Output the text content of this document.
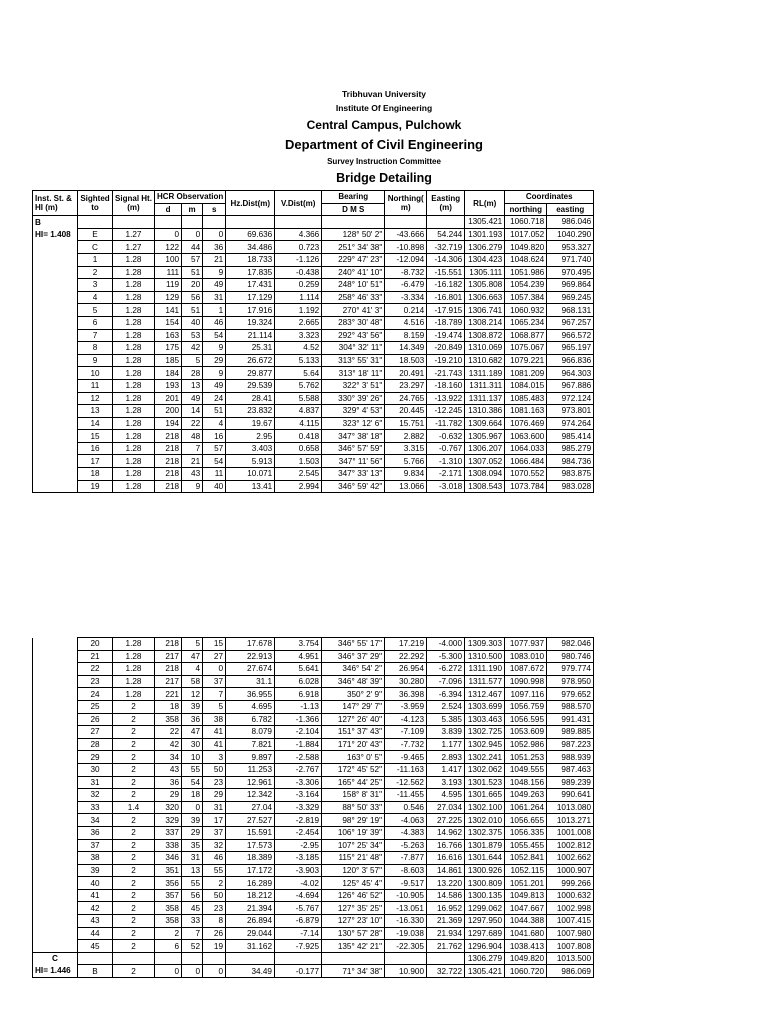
Tribhuvan University
Institute Of Engineering
Central Campus, Pulchowk
Department of Civil Engineering
Survey Instruction Committee
Bridge Detailing
Inst. St. & HI (m)	Sighted to	Signal Ht. (m)	HCR Observation			Hz.Dist(m)	V.Dist(m)	Bearing	Northing( m)	Easting (m)	RL(m)	Coordinates	
			d	m	s			D M S				northing	easting
B											1305.421	1060.718	986.046
HI= 1.408	E	1.27	0	0	0	69.636	4.366	128° 50' 2"	-43.666	54.244	1301.193	1017.052	1040.290
	C	1.27	122	44	36	34.486	0.723	251° 34' 38"	-10.898	-32.719	1306.279	1049.820	953.327
	1	1.28	100	57	21	18.733	-1.126	229° 47' 23"	-12.094	-14.306	1304.423	1048.624	971.740
	2	1.28	111	51	9	17.835	-0.438	240° 41' 10"	-8.732	-15.551	1305.111	1051.986	970.495
	3	1.28	119	20	49	17.431	0.259	248° 10' 51"	-6.479	-16.182	1305.808	1054.239	969.864
	4	1.28	129	56	31	17.129	1.114	258° 46' 33"	-3.334	-16.801	1306.663	1057.384	969.245
	5	1.28	141	51	1	17.916	1.192	270° 41' 3"	0.214	-17.915	1306.741	1060.932	968.131
	6	1.28	154	40	46	19.324	2.665	283° 30' 48"	4.516	-18.789	1308.214	1065.234	967.257
	7	1.28	163	53	54	21.114	3.323	292° 43' 56"	8.159	-19.474	1308.872	1068.877	966.572
	8	1.28	175	42	9	25.31	4.52	304° 32' 11"	14.349	-20.849	1310.069	1075.067	965.197
	9	1.28	185	5	29	26.672	5.133	313° 55' 31"	18.503	-19.210	1310.682	1079.221	966.836
	10	1.28	184	28	9	29.877	5.64	313° 18' 11"	20.491	-21.743	1311.189	1081.209	964.303
	11	1.28	193	13	49	29.539	5.762	322° 3' 51"	23.297	-18.160	1311.311	1084.015	967.886
	12	1.28	201	49	24	28.41	5.588	330° 39' 26"	24.765	-13.922	1311.137	1085.483	972.124
	13	1.28	200	14	51	23.832	4.837	329° 4' 53"	20.445	-12.245	1310.386	1081.163	973.801
	14	1.28	194	22	4	19.67	4.115	323° 12' 6"	15.751	-11.782	1309.664	1076.469	974.264
	15	1.28	218	48	16	2.95	0.418	347° 38' 18"	2.882	-0.632	1305.967	1063.600	985.414
	16	1.28	218	7	57	3.403	0.658	346° 57' 59"	3.315	-0.767	1306.207	1064.033	985.279
	17	1.28	218	21	54	5.913	1.503	347° 11' 56"	5.766	-1.310	1307.052	1066.484	984.736
	18	1.28	218	43	11	10.071	2.545	347° 33' 13"	9.834	-2.171	1308.094	1070.552	983.875
	19	1.28	218	9	40	13.41	2.994	346° 59' 42"	13.066	-3.018	1308.543	1073.784	983.028
	20	1.28	218	5	15	17.678	3.754	346° 55' 17"	17.219	-4.000	1309.303	1077.937	982.046
	21	1.28	217	47	27	22.913	4.951	346° 37' 29"	22.292	-5.300	1310.500	1083.010	980.746
	22	1.28	218	4	0	27.674	5.641	346° 54' 2"	26.954	-6.272	1311.190	1087.672	979.774
	23	1.28	217	58	37	31.1	6.028	346° 48' 39"	30.280	-7.096	1311.577	1090.998	978.950
	24	1.28	221	12	7	36.955	6.918	350° 2' 9"	36.398	-6.394	1312.467	1097.116	979.652
	25	2	18	39	5	4.695	-1.13	147° 29' 7"	-3.959	2.524	1303.699	1056.759	988.570
	26	2	358	36	38	6.782	-1.366	127° 26' 40"	-4.123	5.385	1303.463	1056.595	991.431
	27	2	22	47	41	8.079	-2.104	151° 37' 43"	-7.109	3.839	1302.725	1053.609	989.885
	28	2	42	30	41	7.821	-1.884	171° 20' 43"	-7.732	1.177	1302.945	1052.986	987.223
	29	2	34	10	3	9.897	-2.588	163° 0' 5"	-9.465	2.893	1302.241	1051.253	988.939
	30	2	43	55	50	11.253	-2.767	172° 45' 52"	-11.163	1.417	1302.062	1049.555	987.463
	31	2	36	54	23	12.961	-3.306	165° 44' 25"	-12.562	3.193	1301.523	1048.156	989.239
	32	2	29	18	29	12.342	-3.164	158° 8' 31"	-11.455	4.595	1301.665	1049.263	990.641
	33	1.4	320	0	31	27.04	-3.329	88° 50' 33"	0.546	27.034	1302.100	1061.264	1013.080
	34	2	329	39	17	27.527	-2.819	98° 29' 19"	-4.063	27.225	1302.010	1056.655	1013.271
	36	2	337	29	37	15.591	-2.454	106° 19' 39"	-4.383	14.962	1302.375	1056.335	1001.008
	37	2	338	35	32	17.573	-2.95	107° 25' 34"	-5.263	16.766	1301.879	1055.455	1002.812
	38	2	346	31	46	18.389	-3.185	115° 21' 48"	-7.877	16.616	1301.644	1052.841	1002.662
	39	2	351	13	55	17.172	-3.903	120° 3' 57"	-8.603	14.861	1300.926	1052.115	1000.907
	40	2	356	55	2	16.289	-4.02	125° 45' 4"	-9.517	13.220	1300.809	1051.201	999.266
	41	2	357	56	50	18.212	-4.694	126° 46' 52"	-10.905	14.586	1300.135	1049.813	1000.632
	42	2	358	45	23	21.394	-5.767	127° 35' 25"	-13.051	16.952	1299.062	1047.667	1002.998
	43	2	358	33	8	26.894	-6.879	127° 23' 10"	-16.330	21.369	1297.950	1044.388	1007.415
	44	2	2	7	26	29.044	-7.14	130° 57' 28"	-19.038	21.934	1297.689	1041.680	1007.980
	45	2	6	52	19	31.162	-7.925	135° 42' 21"	-22.305	21.762	1296.904	1038.413	1007.808
C											1306.279	1049.820	1013.500
HI= 1.446	B	2	0	0	0	34.49	-0.177	71° 34' 38"	10.900	32.722	1305.421	1060.720	986.069
